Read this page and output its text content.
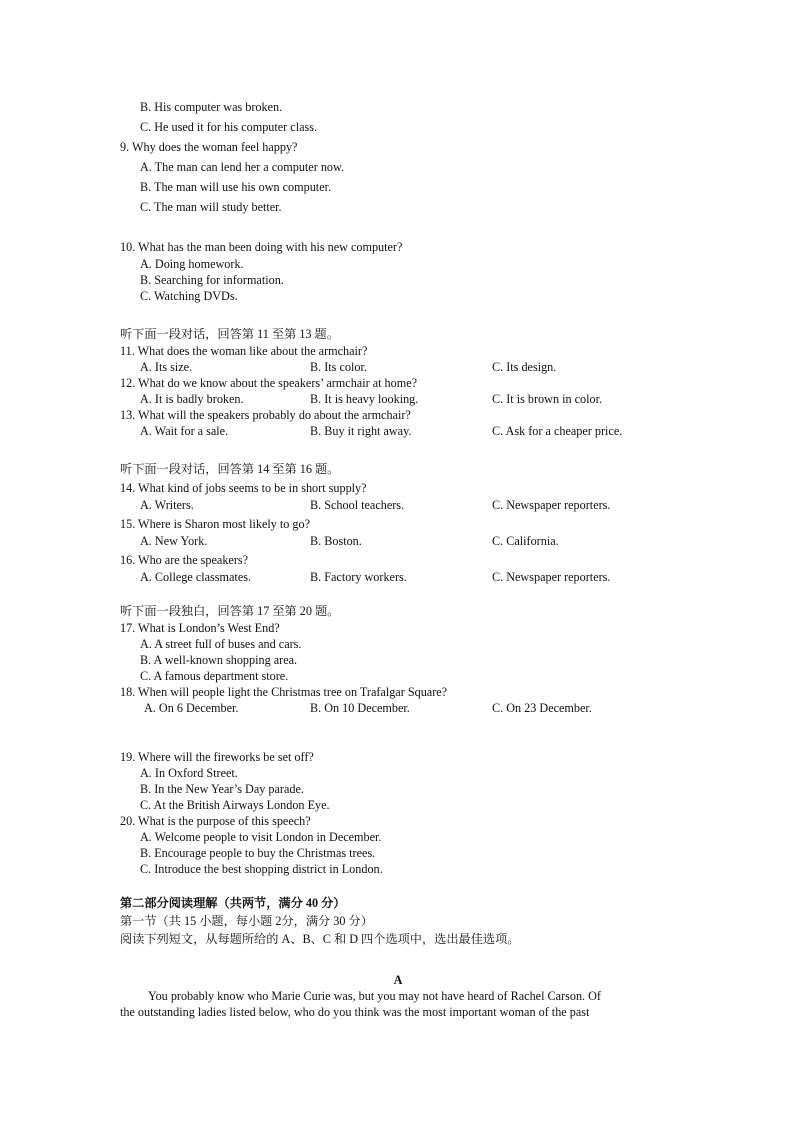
B. His computer was broken.
C. He used it for his computer class.
9. Why does the woman feel happy?
A. The man can lend her a computer now.
B. The man will use his own computer.
C. The man will study better.
10. What has the man been doing with his new computer?
A. Doing homework.
B. Searching for information.
C. Watching DVDs.
听下面一段对话，回答第 11 至第 13 题。
11. What does the woman like about the armchair?
A. Its size.	B. Its color.	C. Its design.
12. What do we know about the speakers’ armchair at home?
A. It is badly broken.	B. It is heavy looking.	C. It is brown in color.
13. What will the speakers probably do about the armchair?
A. Wait for a sale.	B. Buy it right away.	C. Ask for a cheaper price.
听下面一段对话，回答第 14 至第 16 题。
14. What kind of jobs seems to be in short supply?
A. Writers.	B. School teachers.	C. Newspaper reporters.
15. Where is Sharon most likely to go?
A. New York.	B. Boston.	C. California.
16. Who are the speakers?
A. College classmates.	B. Factory workers.	C. Newspaper reporters.
听下面一段独白，回答第 17 至第 20 题。
17. What is London’s West End?
A. A street full of buses and cars.
B. A well-known shopping area.
C. A famous department store.
18. When will people light the Christmas tree on Trafalgar Square?
A. On 6 December.	B. On 10 December.	C. On 23 December.
19. Where will the fireworks be set off?
A. In Oxford Street.
B. In the New Year’s Day parade.
C. At the British Airways London Eye.
20. What is the purpose of this speech?
A. Welcome people to visit London in December.
B. Encourage people to buy the Christmas trees.
C. Introduce the best shopping district in London.
第二部分阅读理解（共两节，满分 40 分）
第一节（共 15 小题，每小题 2分，满分 30 分）
阅读下列短文，从每题所给的 A、B、C 和 D 四个选项中，选出最佳选项。
A
You probably know who Marie Curie was, but you may not have heard of Rachel Carson. Of
the outstanding ladies listed below, who do you think was the most important woman of the past
